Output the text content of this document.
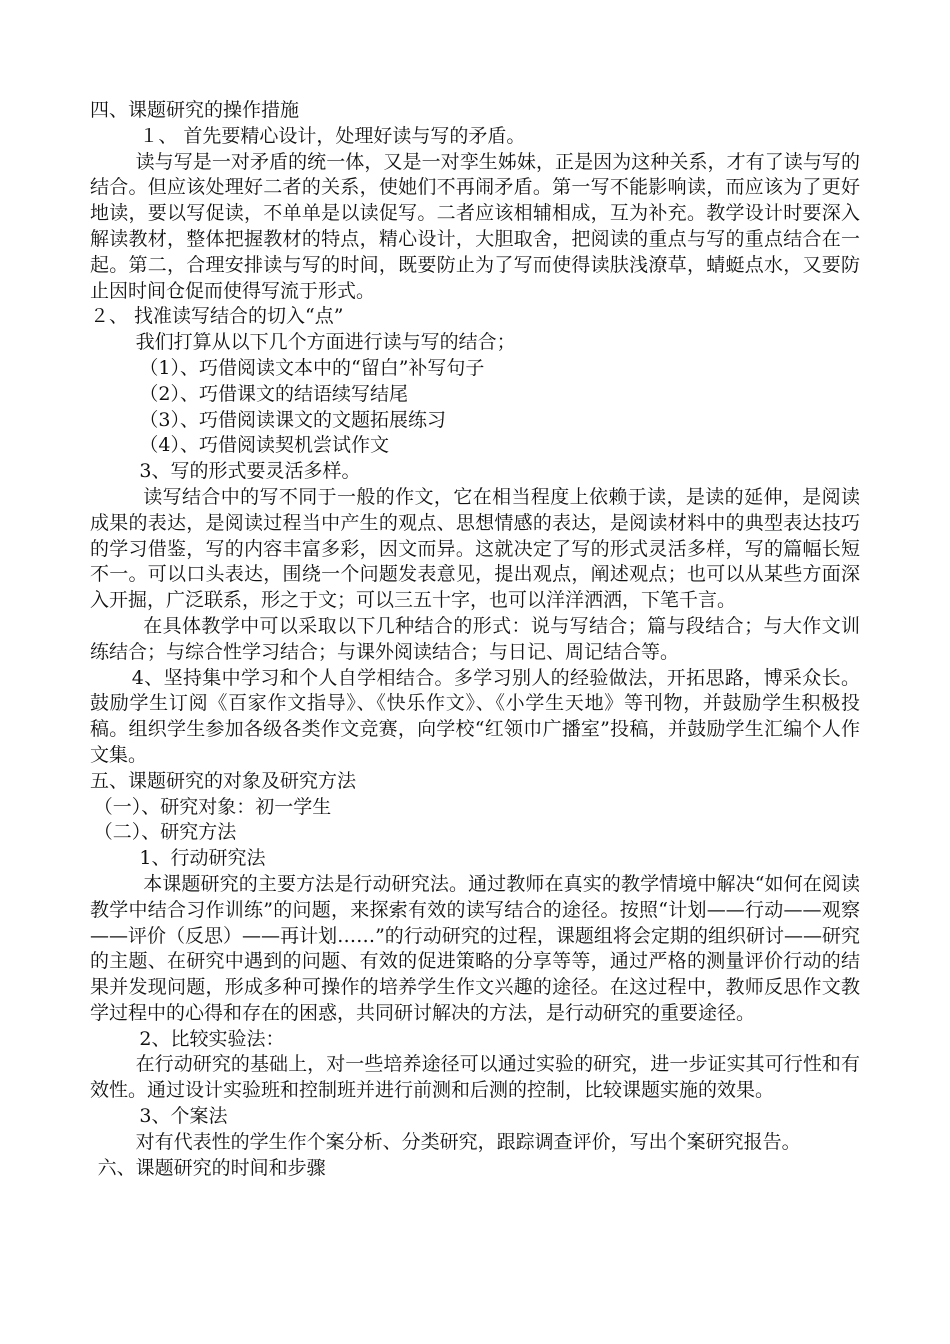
四、课题研究的操作措施

１、 首先要精心设计，处理好读与写的矛盾。

读与写是一对矛盾的统一体，又是一对孪生姊妹，正是因为这种关系，才有了读与写的结合。但应该处理好二者的关系，使她们不再闹矛盾。第一写不能影响读，而应该为了更好地读，要以写促读，不单单是以读促写。二者应该相辅相成，互为补充。教学设计时要深入解读教材，整体把握教材的特点，精心设计，大胆取舍，把阅读的重点与写的重点结合在一起。第二，合理安排读与写的时间，既要防止为了写而使得读肤浅潦草，蜻蜓点水，又要防止因时间仓促而使得写流于形式。

２、 找准读写结合的切入“点”

我们打算从以下几个方面进行读与写的结合；

（1）、巧借阅读文本中的“留白”补写句子

（2）、巧借课文的结语续写结尾

（3）、巧借阅读课文的文题拓展练习

（4）、巧借阅读契机尝试作文

3、写的形式要灵活多样。

读写结合中的写不同于一般的作文，它在相当程度上依赖于读，是读的延伸，是阅读成果的表达，是阅读过程当中产生的观点、思想情感的表达，是阅读材料中的典型表达技巧的学习借鉴，写的内容丰富多彩，因文而异。这就决定了写的形式灵活多样，写的篇幅长短不一。可以口头表达，围绕一个问题发表意见，提出观点，阐述观点；也可以从某些方面深入开掘，广泛联系，形之于文；可以三五十字，也可以洋洋洒洒，下笔千言。

在具体教学中可以采取以下几种结合的形式：说与写结合；篇与段结合；与大作文训练结合；与综合性学习结合；与课外阅读结合；与日记、周记结合等。

4、坚持集中学习和个人自学相结合。多学习别人的经验做法，开拓思路，博采众长。鼓励学生订阅《百家作文指导》、《快乐作文》、《小学生天地》等刊物，并鼓励学生积极投稿。组织学生参加各级各类作文竞赛，向学校“红领巾广播室”投稿，并鼓励学生汇编个人作文集。

五、课题研究的对象及研究方法

（一）、研究对象：初一学生

（二）、研究方法

1、行动研究法

本课题研究的主要方法是行动研究法。通过教师在真实的教学情境中解决“如何在阅读教学中结合习作训练”的问题，来探索有效的读写结合的途径。按照“计划——行动——观察——评价（反思）——再计划……”的行动研究的过程，课题组将会定期的组织研讨——研究的主题、在研究中遇到的问题、有效的促进策略的分享等等，通过严格的测量评价行动的结果并发现问题，形成多种可操作的培养学生作文兴趣的途径。在这过程中，教师反思作文教学过程中的心得和存在的困惑，共同研讨解决的方法，是行动研究的重要途径。

2、比较实验法：

在行动研究的基础上，对一些培养途径可以通过实验的研究，进一步证实其可行性和有效性。通过设计实验班和控制班并进行前测和后测的控制，比较课题实施的效果。

3、个案法

对有代表性的学生作个案分析、分类研究，跟踪调查评价，写出个案研究报告。

六、课题研究的时间和步骤
